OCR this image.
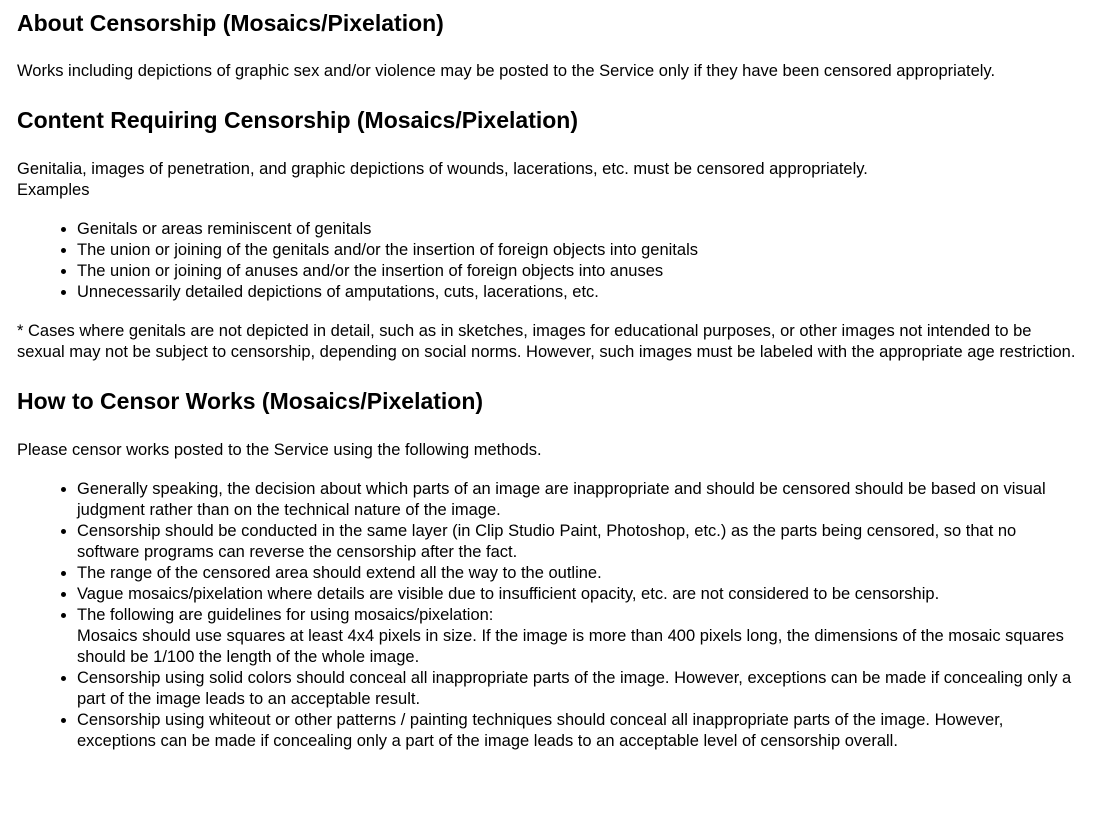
About Censorship (Mosaics/Pixelation)

Works including depictions of graphic sex and/or violence may be posted to the Service only if they have been censored appropriately.

Content Requiring Censorship (Mosaics/Pixelation)

Genitalia, images of penetration, and graphic depictions of wounds, lacerations, etc. must be censored appropriately.
Examples

• Genitals or areas reminiscent of genitals
• The union or joining of the genitals and/or the insertion of foreign objects into genitals
• The union or joining of anuses and/or the insertion of foreign objects into anuses
• Unnecessarily detailed depictions of amputations, cuts, lacerations, etc.

* Cases where genitals are not depicted in detail, such as in sketches, images for educational purposes, or other images not intended to be sexual may not be subject to censorship, depending on social norms. However, such images must be labeled with the appropriate age restriction.

How to Censor Works (Mosaics/Pixelation)

Please censor works posted to the Service using the following methods.

• Generally speaking, the decision about which parts of an image are inappropriate and should be censored should be based on visual judgment rather than on the technical nature of the image.
• Censorship should be conducted in the same layer (in Clip Studio Paint, Photoshop, etc.) as the parts being censored, so that no software programs can reverse the censorship after the fact.
• The range of the censored area should extend all the way to the outline.
• Vague mosaics/pixelation where details are visible due to insufficient opacity, etc. are not considered to be censorship.
• The following are guidelines for using mosaics/pixelation:
Mosaics should use squares at least 4x4 pixels in size. If the image is more than 400 pixels long, the dimensions of the mosaic squares should be 1/100 the length of the whole image.
• Censorship using solid colors should conceal all inappropriate parts of the image. However, exceptions can be made if concealing only a part of the image leads to an acceptable result.
• Censorship using whiteout or other patterns / painting techniques should conceal all inappropriate parts of the image. However, exceptions can be made if concealing only a part of the image leads to an acceptable level of censorship overall.
